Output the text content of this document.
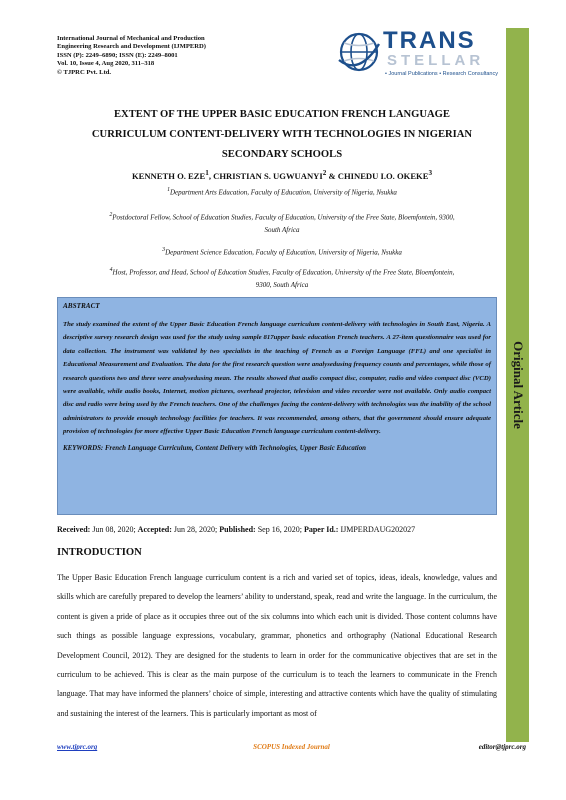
International Journal of Mechanical and Production
Engineering Research and Development (IJMPERD)
ISSN (P): 2249–6890; ISSN (E): 2249–8001
Vol. 10, Issue 4, Aug 2020, 311–318
© TJPRC Pvt. Ltd.
TRANS
STELLAR
• Journal Publications • Research Consultancy
Original Article
EXTENT OF THE UPPER BASIC EDUCATION FRENCH LANGUAGE
CURRICULUM CONTENT-DELIVERY WITH TECHNOLOGIES IN NIGERIAN
SECONDARY SCHOOLS
KENNETH O. EZE$^1$, CHRISTIAN S. UGWUANYI$^2$ & CHINEDU I.O. OKEKE$^3$
$^1$Department Arts Education, Faculty of Education, University of Nigeria, Nsukka
$^2$Postdoctoral Fellow, School of Education Studies, Faculty of Education, University of the Free State, Bloemfontein, 9300,
South Africa
$^3$Department Science Education, Faculty of Education, University of Nigeria, Nsukka
$^4$Host, Professor, and Head, School of Education Studies, Faculty of Education, University of the Free State, Bloemfontein,
9300, South Africa
ABSTRACT
The study examined the extent of the Upper Basic Education French language curriculum content-delivery with technologies in South East, Nigeria. A descriptive survey research design was used for the study using sample 817upper basic education French teachers. A 27-item questionnaire was used for data collection. The instrument was validated by two specialists in the teaching of French as a Foreign Language (FFL) and one specialist in Educational Measurement and Evaluation. The data for the first research question were analysedusing frequency counts and percentages, while those of research questions two and three were analysedusing mean. The results showed that audio compact disc, computer, radio and video compact disc (VCD) were available, while audio books, Internet, motion pictures, overhead projector, television and video recorder were not available. Only audio compact disc and radio were being used by the French teachers. One of the challenges facing the content-delivery with technologies was the inability of the school administrators to provide enough technology facilities for teachers. It was recommended, among others, that the government should ensure adequate provision of technologies for more effective Upper Basic Education French language curriculum content-delivery.
KEYWORDS: French Language Curriculum, Content Delivery with Technologies, Upper Basic Education
Received: Jun 08, 2020; Accepted: Jun 28, 2020; Published: Sep 16, 2020; Paper Id.: IJMPERDAUG202027
INTRODUCTION
The Upper Basic Education French language curriculum content is a rich and varied set of topics, ideas, ideals, knowledge, values and skills which are carefully prepared to develop the learners’ ability to understand, speak, read and write the language. In the curriculum, the content is given a pride of place as it occupies three out of the six columns into which each unit is divided. Those content columns have such things as possible language expressions, vocabulary, grammar, phonetics and orthography (National Educational Research Development Council, 2012). They are designed for the students to learn in order for the communicative objectives that are set in the curriculum to be achieved. This is clear as the main purpose of the curriculum is to teach the learners to communicate in the French language. That may have informed the planners’ choice of simple, interesting and attractive contents which have the quality of stimulating and sustaining the interest of the learners. This is particularly important as most of
www.tjprc.org	SCOPUS Indexed Journal	editor@tjprc.org
